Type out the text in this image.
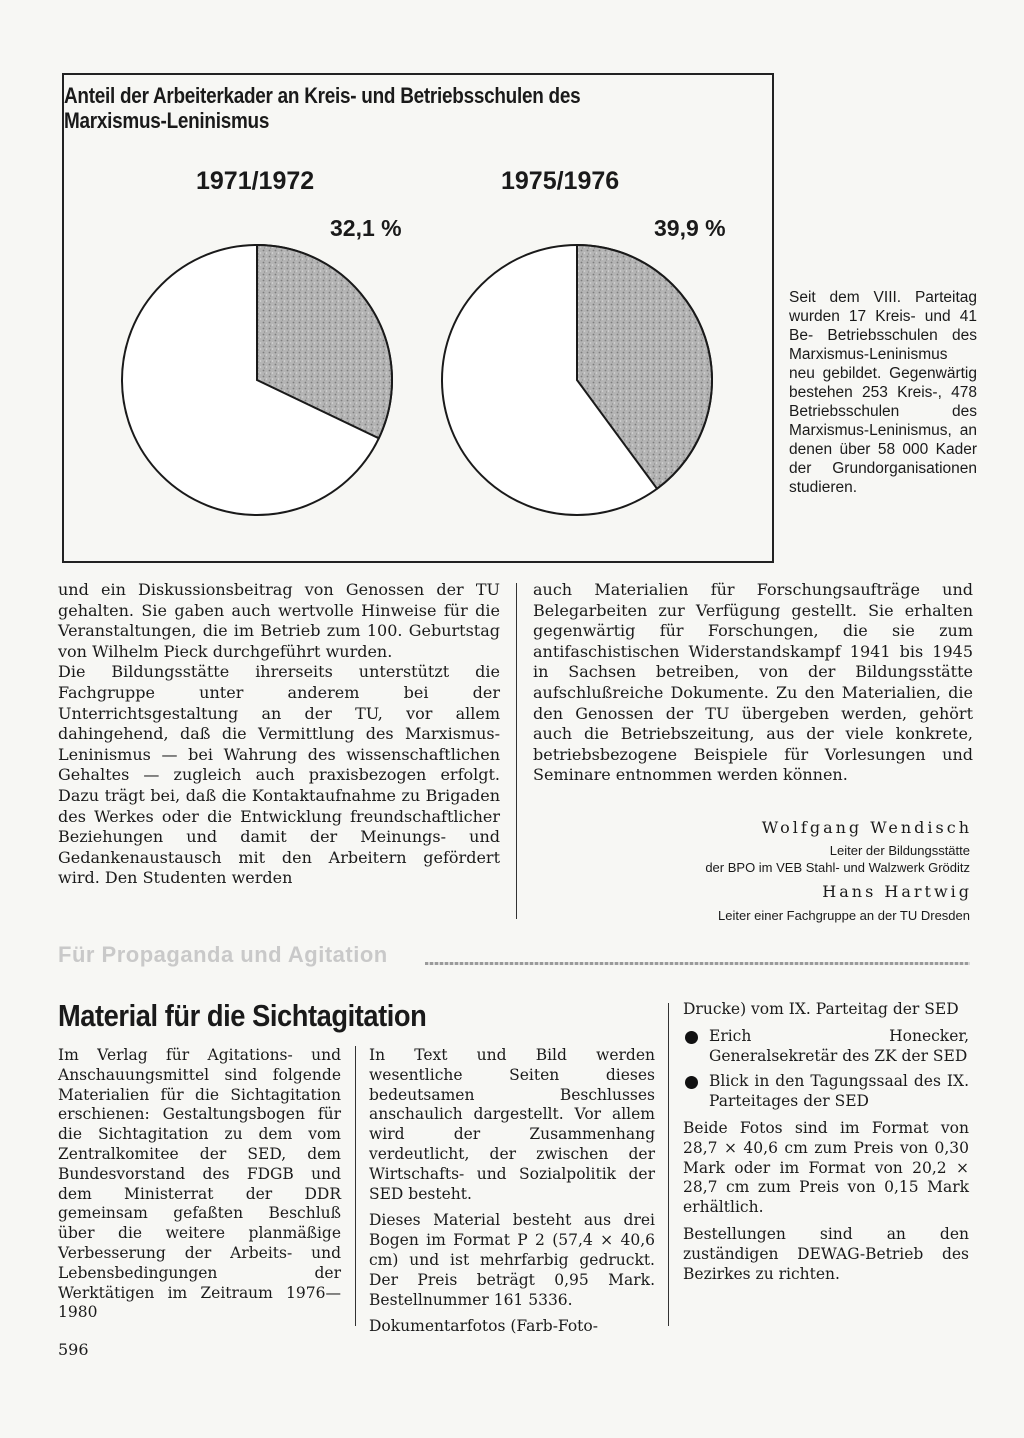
Anteil der Arbeiterkader an Kreis- und Betriebsschulen des
Marxismus-Leninismus
1971/1972	1975/1976
32,1 %	39,9 %
Seit dem VIII. Parteitag wurden 17 Kreis- und 41 Be- Betriebsschulen des Marxismus-Leninismus neu gebildet. Gegenwärtig bestehen 253 Kreis-, 478 Betriebsschulen des Marxismus-Leninismus, an denen über 58 000 Kader der Grundorganisationen studieren.

und ein Diskussionsbeitrag von Genossen der TU gehalten. Sie gaben auch wertvolle Hinweise für die Veranstaltungen, die im Betrieb zum 100. Geburtstag von Wilhelm Pieck durchgeführt wurden.

Die Bildungsstätte ihrerseits unterstützt die Fachgruppe unter anderem bei der Unterrichtsgestaltung an der TU, vor allem dahingehend, daß die Vermittlung des Marxismus-Leninismus — bei Wahrung des wissenschaftlichen Gehaltes — zugleich auch praxisbezogen erfolgt. Dazu trägt bei, daß die Kontaktaufnahme zu Brigaden des Werkes oder die Entwicklung freundschaftlicher Beziehungen und damit der Meinungs- und Gedankenaustausch mit den Arbeitern gefördert wird. Den Studenten werden

auch Materialien für Forschungsaufträge und Belegarbeiten zur Verfügung gestellt. Sie erhalten gegenwärtig für Forschungen, die sie zum antifaschistischen Widerstandskampf 1941 bis 1945 in Sachsen betreiben, von der Bildungsstätte aufschlußreiche Dokumente. Zu den Materialien, die den Genossen der TU übergeben werden, gehört auch die Betriebszeitung, aus der viele konkrete, betriebsbezogene Beispiele für Vorlesungen und Seminare entnommen werden können.

Wolfgang Wendisch
Leiter der Bildungsstätte
der BPO im VEB Stahl- und Walzwerk Gröditz
Hans Hartwig
Leiter einer Fachgruppe an der TU Dresden
Für Propaganda und Agitation
Material für die Sichtagitation

Im Verlag für Agitations- und Anschauungsmittel sind folgende Materialien für die Sichtagitation erschienen: Gestaltungsbogen für die Sichtagitation zu dem vom Zentralkomitee der SED, dem Bundesvorstand des FDGB und dem Ministerrat der DDR gemeinsam gefaßten Beschluß über die weitere planmäßige Verbesserung der Arbeits- und Lebensbedingungen der Werktätigen im Zeitraum 1976—1980

In Text und Bild werden wesentliche Seiten dieses bedeutsamen Beschlusses anschaulich dargestellt. Vor allem wird der Zusammenhang verdeutlicht, der zwischen der Wirtschafts- und Sozialpolitik der SED besteht.

Dieses Material besteht aus drei Bogen im Format P 2 (57,4 × 40,6 cm) und ist mehrfarbig gedruckt. Der Preis beträgt 0,95 Mark. Bestellnummer 161 5336.

Dokumentarfotos (Farb-Foto-

Drucke) vom IX. Parteitag der SED

Erich Honecker, Generalsekretär des ZK der SED

Blick in den Tagungssaal des IX. Parteitages der SED

Beide Fotos sind im Format von 28,7 × 40,6 cm zum Preis von 0,30 Mark oder im Format von 20,2 × 28,7 cm zum Preis von 0,15 Mark erhältlich.

Bestellungen sind an den zuständigen DEWAG-Betrieb des Bezirkes zu richten.

596
